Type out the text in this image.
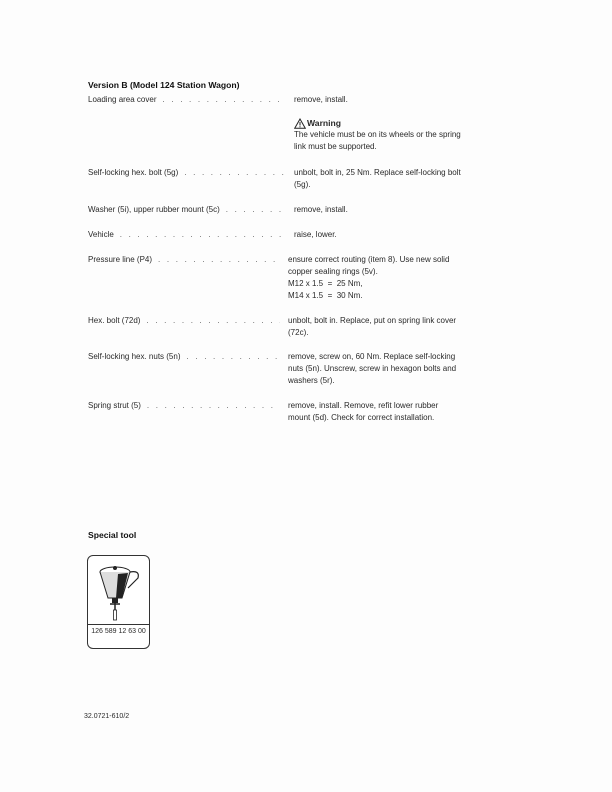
Version B (Model 124 Station Wagon)
Loading area cover . . .	remove, install.
Warning
The vehicle must be on its wheels or the spring
link must be supported.
Self-locking hex. bolt (5g) . . .	unbolt, bolt in, 25 Nm. Replace self-locking bolt
(5g).
Washer (5i), upper rubber mount (5c) . . .	remove, install.
Vehicle . . .	raise, lower.
Pressure line (P4) . . .	ensure correct routing (item 8). Use new solid
copper sealing rings (5v).
M12 x 1.5  =  25 Nm,
M14 x 1.5  =  30 Nm.
Hex. bolt (72d) . . .	unbolt, bolt in. Replace, put on spring link cover
(72c).
Self-locking hex. nuts (5n) . . .	remove, screw on, 60 Nm. Replace self-locking
nuts (5n). Unscrew, screw in hexagon bolts and
washers (5r).
Spring strut (5) . . .	remove, install. Remove, refit lower rubber
mount (5d). Check for correct installation.
Special tool
126 589 12 63 00
32.0721-610/2
